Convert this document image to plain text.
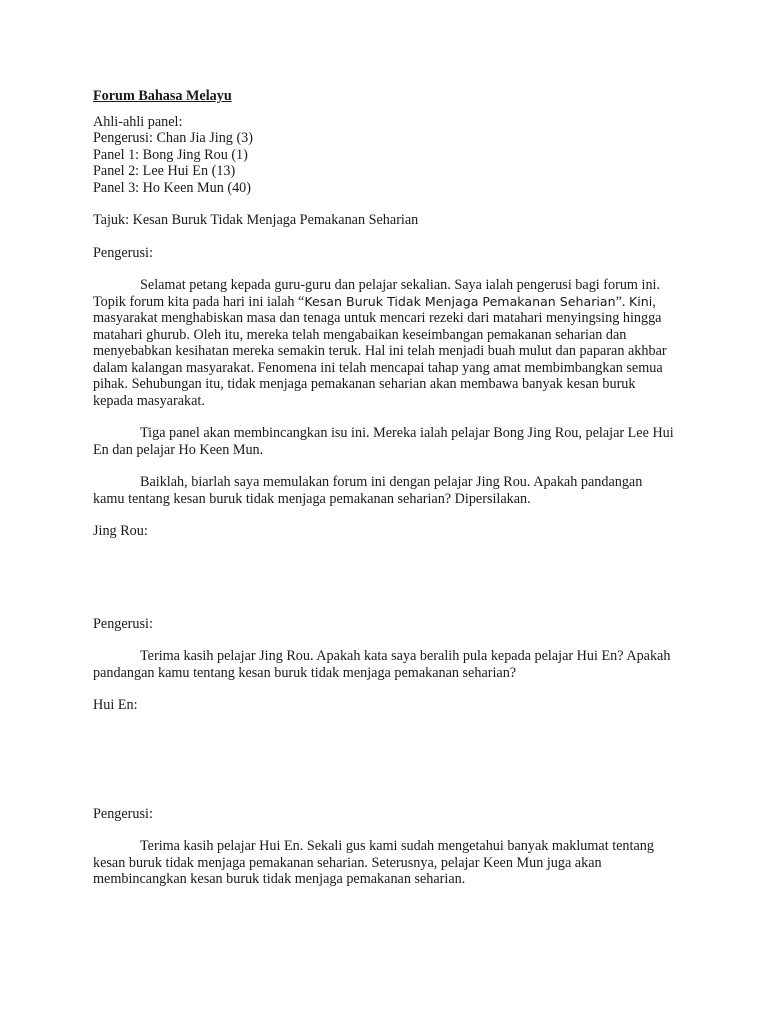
Forum Bahasa Melayu

Ahli-ahli panel:

Pengerusi: Chan Jia Jing (3)

Panel 1: Bong Jing Rou (1)

Panel 2: Lee Hui En (13)

Panel 3: Ho Keen Mun (40)

Tajuk: Kesan Buruk Tidak Menjaga Pemakanan Seharian

Pengerusi:

Selamat petang kepada guru-guru dan pelajar sekalian. Saya ialah pengerusi bagi forum ini.
Topik forum kita pada hari ini ialah “Kesan Buruk Tidak Menjaga Pemakanan Seharian”. Kini,
masyarakat menghabiskan masa dan tenaga untuk mencari rezeki dari matahari menyingsing hingga
matahari ghurub. Oleh itu, mereka telah mengabaikan keseimbangan pemakanan seharian dan
menyebabkan kesihatan mereka semakin teruk. Hal ini telah menjadi buah mulut dan paparan akhbar
dalam kalangan masyarakat. Fenomena ini telah mencapai tahap yang amat membimbangkan semua
pihak. Sehubungan itu, tidak menjaga pemakanan seharian akan membawa banyak kesan buruk
kepada masyarakat.
Tiga panel akan membincangkan isu ini. Mereka ialah pelajar Bong Jing Rou, pelajar Lee Hui
En dan pelajar Ho Keen Mun.
Baiklah, biarlah saya memulakan forum ini dengan pelajar Jing Rou. Apakah pandangan
kamu tentang kesan buruk tidak menjaga pemakanan seharian? Dipersilakan.

Jing Rou:

Pengerusi:

Terima kasih pelajar Jing Rou. Apakah kata saya beralih pula kepada pelajar Hui En? Apakah
pandangan kamu tentang kesan buruk tidak menjaga pemakanan seharian?

Hui En:

Pengerusi:

Terima kasih pelajar Hui En. Sekali gus kami sudah mengetahui banyak maklumat tentang
kesan buruk tidak menjaga pemakanan seharian. Seterusnya, pelajar Keen Mun juga akan
membincangkan kesan buruk tidak menjaga pemakanan seharian.
